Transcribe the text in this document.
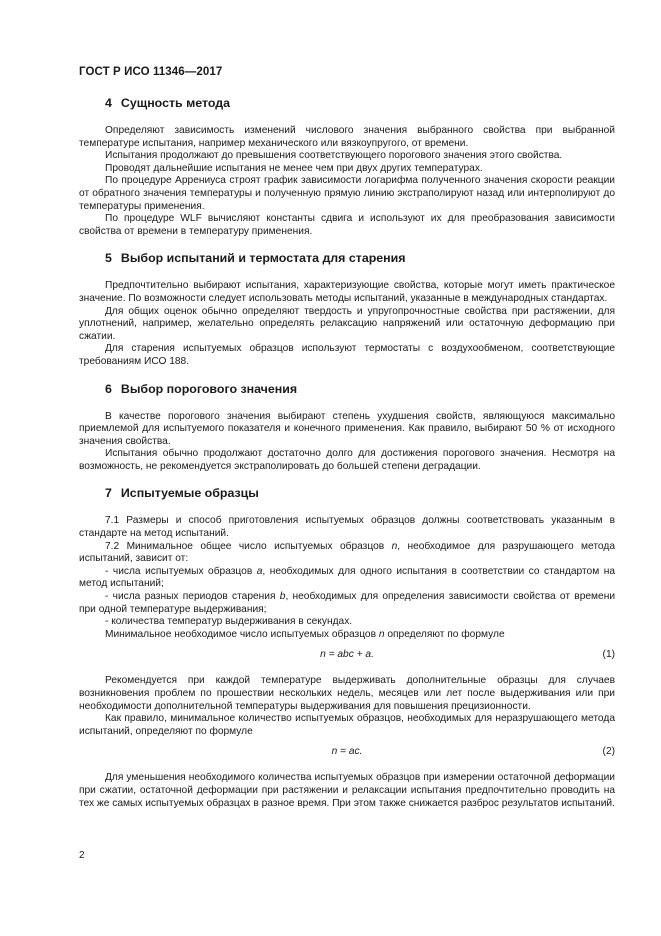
ГОСТ Р ИСО 11346—2017
4 Сущность метода

Определяют зависимость изменений числового значения выбранного свойства при выбранной температуре испытания, например механического или вязкоупругого, от времени.

Испытания продолжают до превышения соответствующего порогового значения этого свойства.

Проводят дальнейшие испытания не менее чем при двух других температурах.

По процедуре Аррениуса строят график зависимости логарифма полученного значения скорости реакции от обратного значения температуры и полученную прямую линию экстраполируют назад или интерполируют до температуры применения.

По процедуре WLF вычисляют константы сдвига и используют их для преобразования зависимости свойства от времени в температуру применения.

5 Выбор испытаний и термостата для старения

Предпочтительно выбирают испытания, характеризующие свойства, которые могут иметь практическое значение. По возможности следует использовать методы испытаний, указанные в международных стандартах.

Для общих оценок обычно определяют твердость и упругопрочностные свойства при растяжении, для уплотнений, например, желательно определять релаксацию напряжений или остаточную деформацию при сжатии.

Для старения испытуемых образцов используют термостаты с воздухообменом, соответствующие требованиям ИСО 188.

6 Выбор порогового значения

В качестве порогового значения выбирают степень ухудшения свойств, являющуюся максимально приемлемой для испытуемого показателя и конечного применения. Как правило, выбирают 50 % от исходного значения свойства.

Испытания обычно продолжают достаточно долго для достижения порогового значения. Несмотря на возможность, не рекомендуется экстраполировать до большей степени деградации.

7 Испытуемые образцы

7.1 Размеры и способ приготовления испытуемых образцов должны соответствовать указанным в стандарте на метод испытаний.

7.2 Минимальное общее число испытуемых образцов n, необходимое для разрушающего метода испытаний, зависит от:

- числа испытуемых образцов a, необходимых для одного испытания в соответствии со стандартом на метод испытаний;

- числа разных периодов старения b, необходимых для определения зависимости свойства от времени при одной температуре выдерживания;

- количества температур выдерживания в секундах.

Минимальное необходимое число испытуемых образцов n определяют по формуле

n = abc + a.	(1)

Рекомендуется при каждой температуре выдерживать дополнительные образцы для случаев возникновения проблем по прошествии нескольких недель, месяцев или лет после выдерживания или при необходимости дополнительной температуры выдерживания для повышения прецизионности.

Как правило, минимальное количество испытуемых образцов, необходимых для неразрушающего метода испытаний, определяют по формуле

n = ac.	(2)

Для уменьшения необходимого количества испытуемых образцов при измерении остаточной деформации при сжатии, остаточной деформации при растяжении и релаксации испытания предпочтительно проводить на тех же самых испытуемых образцах в разное время. При этом также снижается разброс результатов испытаний.

2
